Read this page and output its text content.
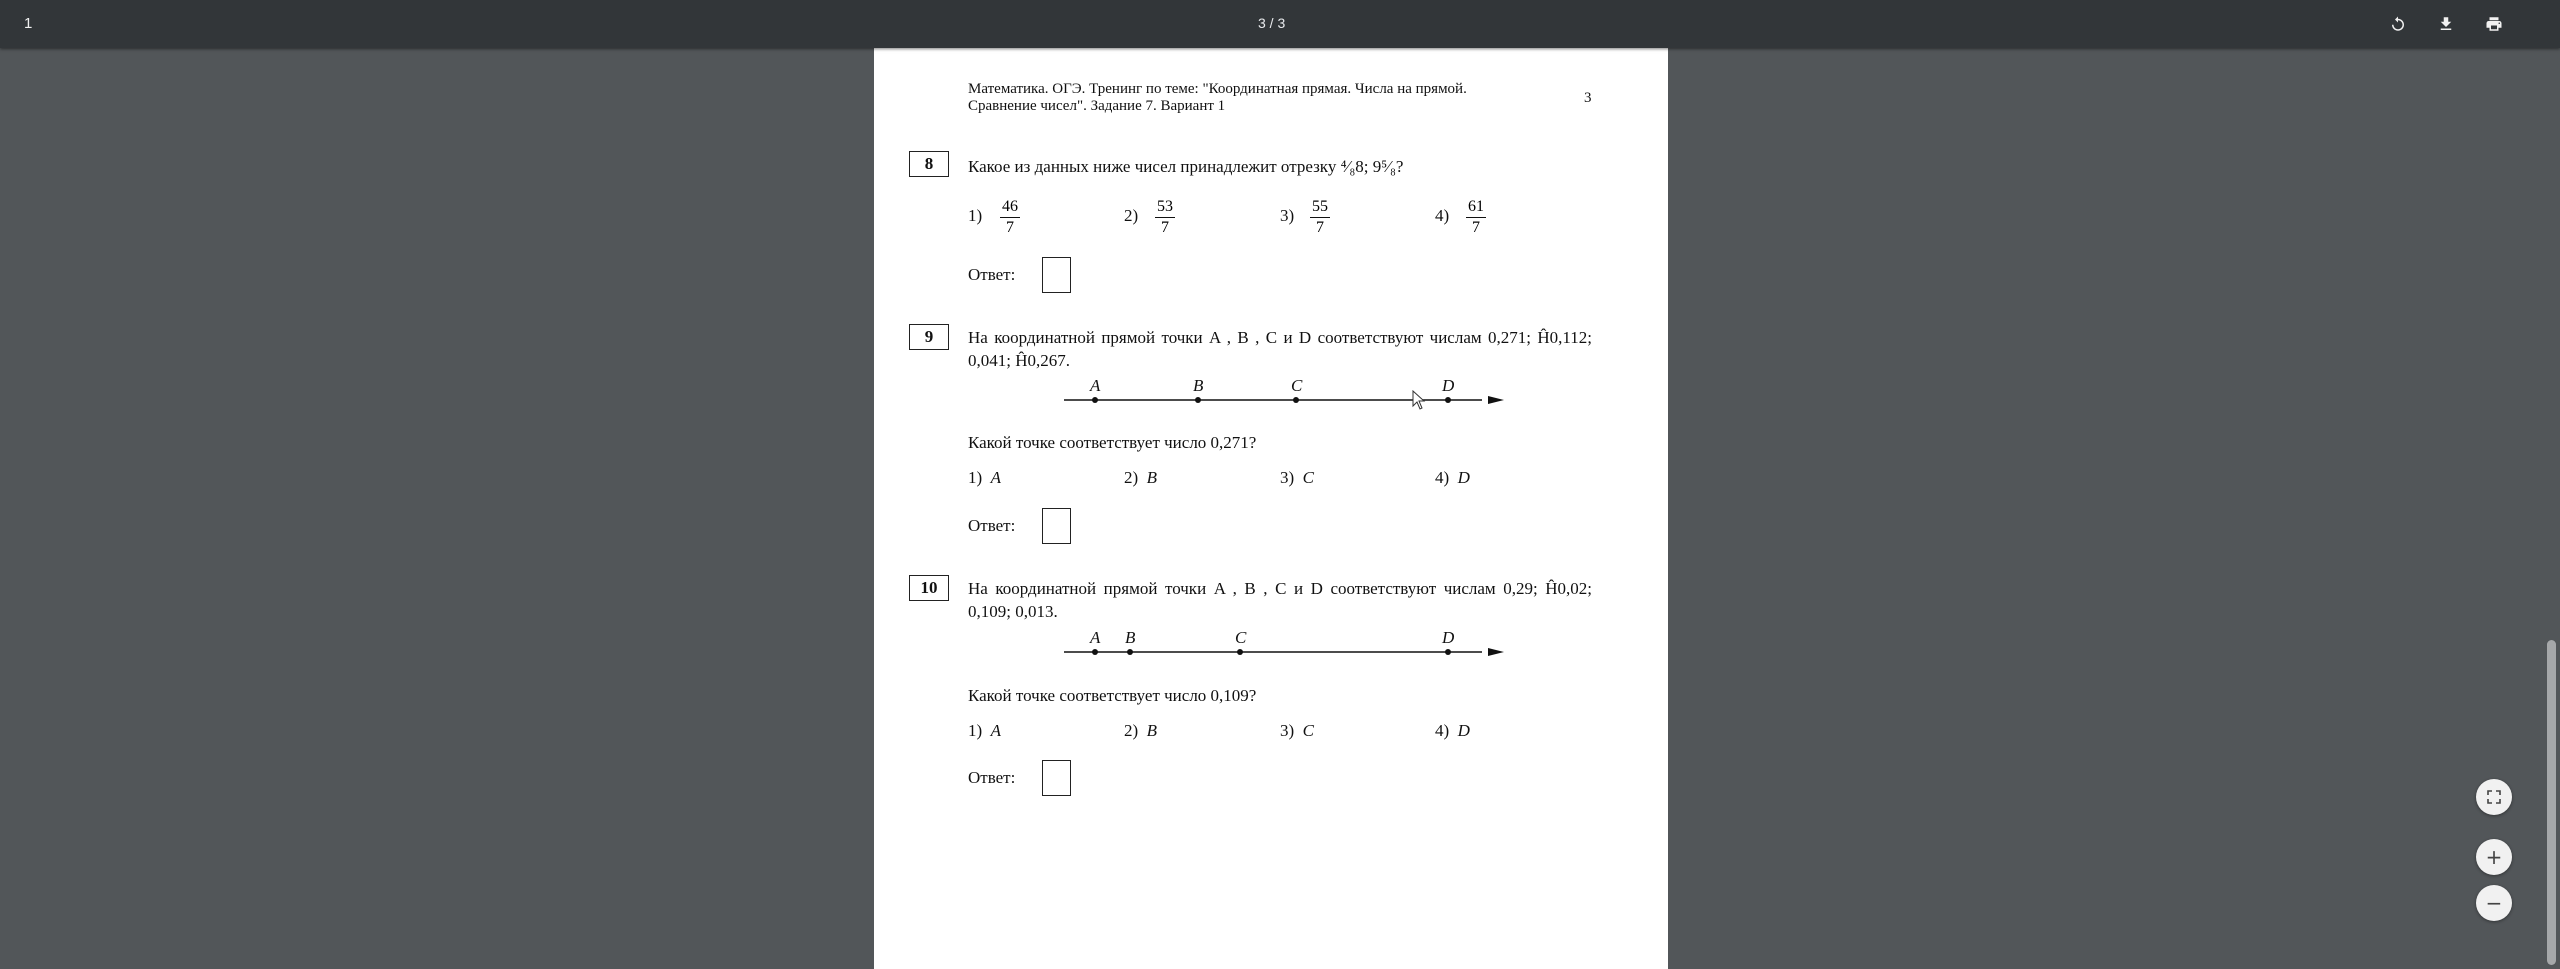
1	3 / 3
Математика. ОГЭ. Тренинг по теме: "Координатная прямая. Числа на прямой. Сравнение чисел". Задание 7. Вариант 1	3
8	Какое из данных ниже чисел принадлежит отрезку ⁴⁄₈8; 9⁵⁄₈?
$1) \frac{46}{7}$	$2) \frac{53}{7}$	$3) \frac{55}{7}$	$4) \frac{61}{7}$
Ответ:
9	На координатной прямой точки A , B , C и D соответствуют числам 0,271; Ĥ0,112; 0,041; Ĥ0,267.
A	B	C	D
Какой точке соответствует число 0,271?
1) A	2) B	3) C	4) D
Ответ:
10	На координатной прямой точки A , B , C и D соответствуют числам 0,29; Ĥ0,02; 0,109; 0,013.
A B	C	D
Какой точке соответствует число 0,109?
1) A	2) B	3) C	4) D
Ответ:
+
−
